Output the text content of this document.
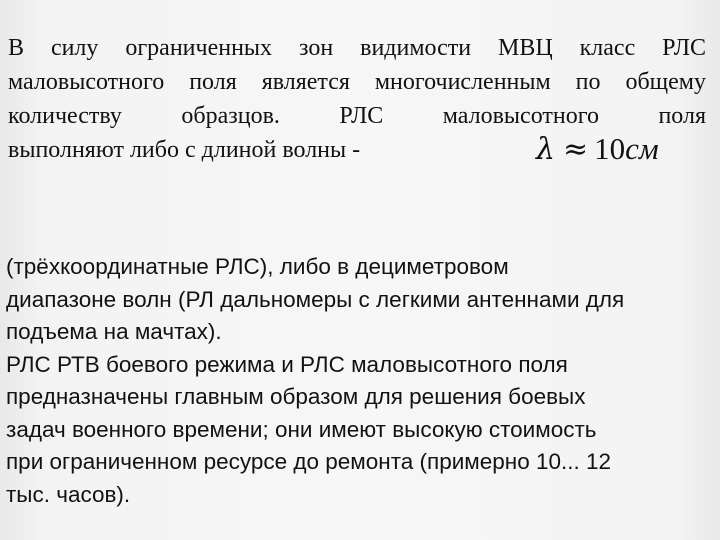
В силу ограниченных зон видимости МВЦ класс РЛС
маловысотного поля является многочисленным по общему
количеству образцов. РЛС маловысотного поля
выполняют либо с длиной волны -	λ ≈ 10см
(трёхкоординатные РЛС), либо в дециметровом
диапазоне волн (РЛ дальномеры с легкими антеннами для
подъема на мачтах).
РЛС РТВ боевого режима и РЛС маловысотного поля
предназначены главным образом для решения боевых
задач военного времени; они имеют высокую стоимость
при ограниченном ресурсе до ремонта (примерно 10... 12
тыс. часов).
